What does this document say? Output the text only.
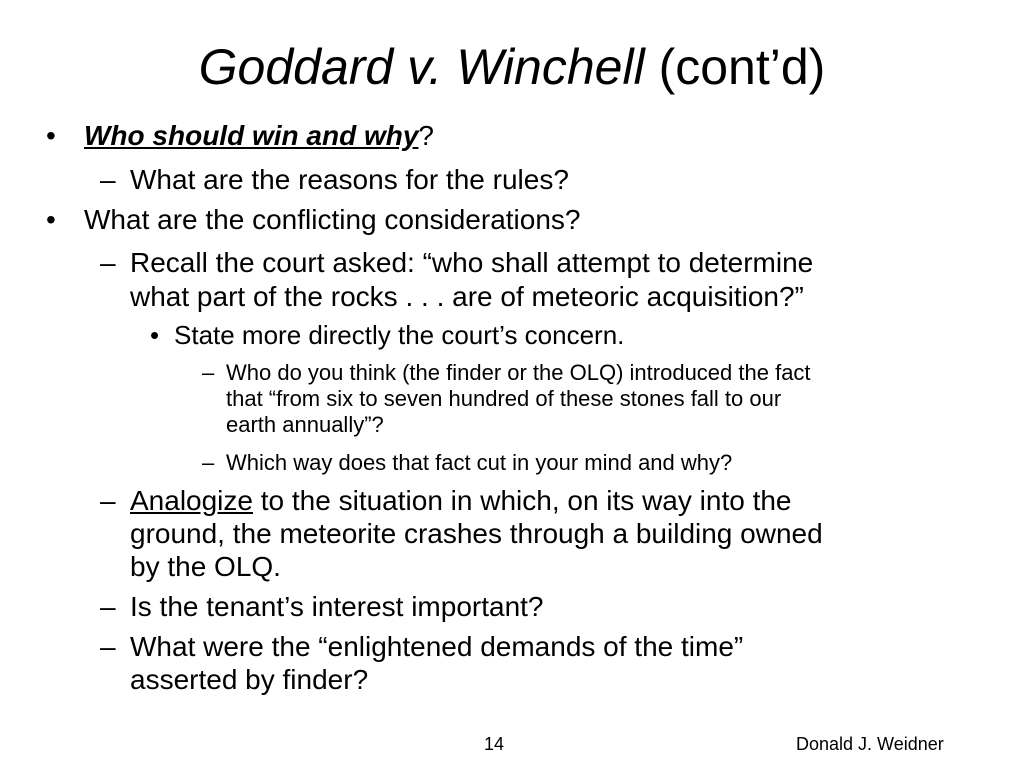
Goddard v. Winchell (cont’d)
• Who should win and why?
– What are the reasons for the rules?
• What are the conflicting considerations?
– Recall the court asked: “who shall attempt to determine
what part of the rocks . . . are of meteoric acquisition?”
• State more directly the court’s concern.
– Who do you think (the finder or the OLQ) introduced the fact
that “from six to seven hundred of these stones fall to our
earth annually”?
– Which way does that fact cut in your mind and why?
– Analogize to the situation in which, on its way into the
ground, the meteorite crashes through a building owned
by the OLQ.
– Is the tenant’s interest important?
– What were the “enlightened demands of the time”
asserted by finder?
14	Donald J. Weidner
